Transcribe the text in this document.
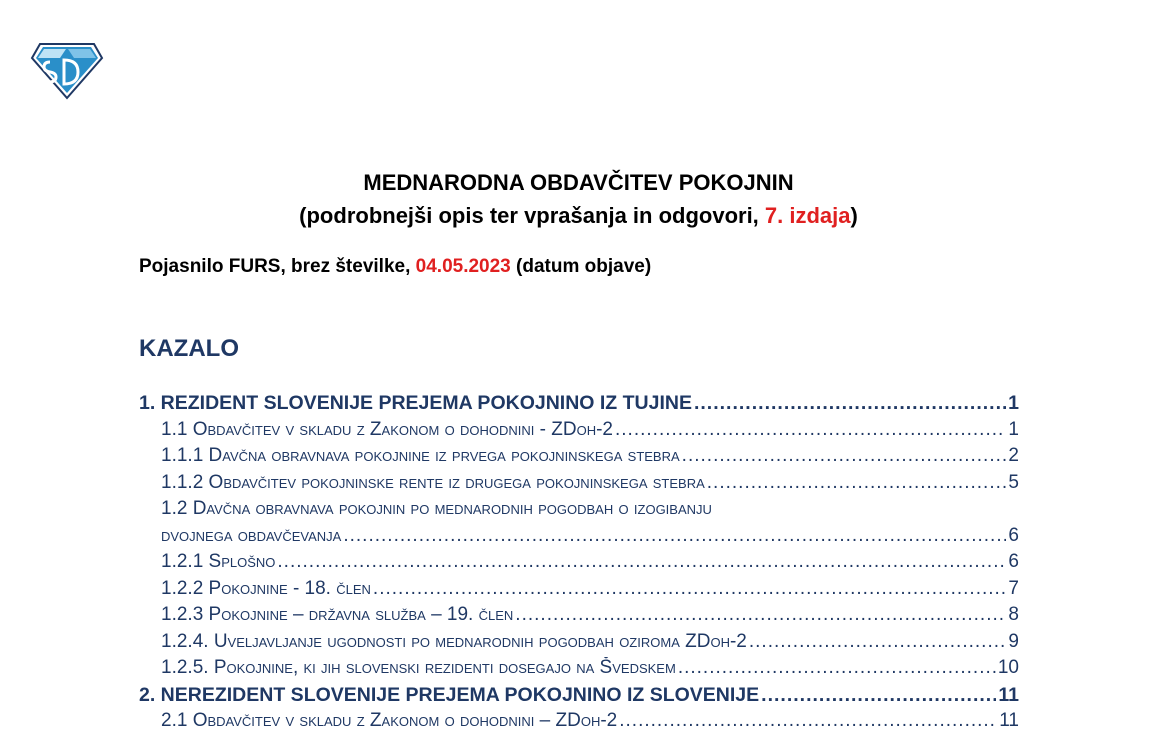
MEDNARODNA OBDAVČITEV POKOJNIN
(podrobnejši opis ter vprašanja in odgovori, 7. izdaja)
Pojasnilo FURS, brez številke, 04.05.2023 (datum objave)
KAZALO
1. REZIDENT SLOVENIJE PREJEMA POKOJNINO IZ TUJINE .....	1
1.1 Obdavčitev v skladu z Zakonom o dohodnini - ZDoh-2 .....	1
1.1.1 Davčna obravnava pokojnine iz prvega pokojninskega stebra .....	2
1.1.2 Obdavčitev pokojninske rente iz drugega pokojninskega stebra .....	5
1.2 Davčna obravnava pokojnin po mednarodnih pogodbah o izogibanju
dvojnega obdavčevanja .....	6
1.2.1 Splošno .....	6
1.2.2 Pokojnine - 18. člen .....	7
1.2.3 Pokojnine – državna služba – 19. člen .....	8
1.2.4. Uveljavljanje ugodnosti po mednarodnih pogodbah oziroma ZDoh-2 .....	9
1.2.5. Pokojnine, ki jih slovenski rezidenti dosegajo na Švedskem .....	10
2. NEREZIDENT SLOVENIJE PREJEMA POKOJNINO IZ SLOVENIJE .....	11
2.1 Obdavčitev v skladu z Zakonom o dohodnini – ZDoh-2 .....	11
